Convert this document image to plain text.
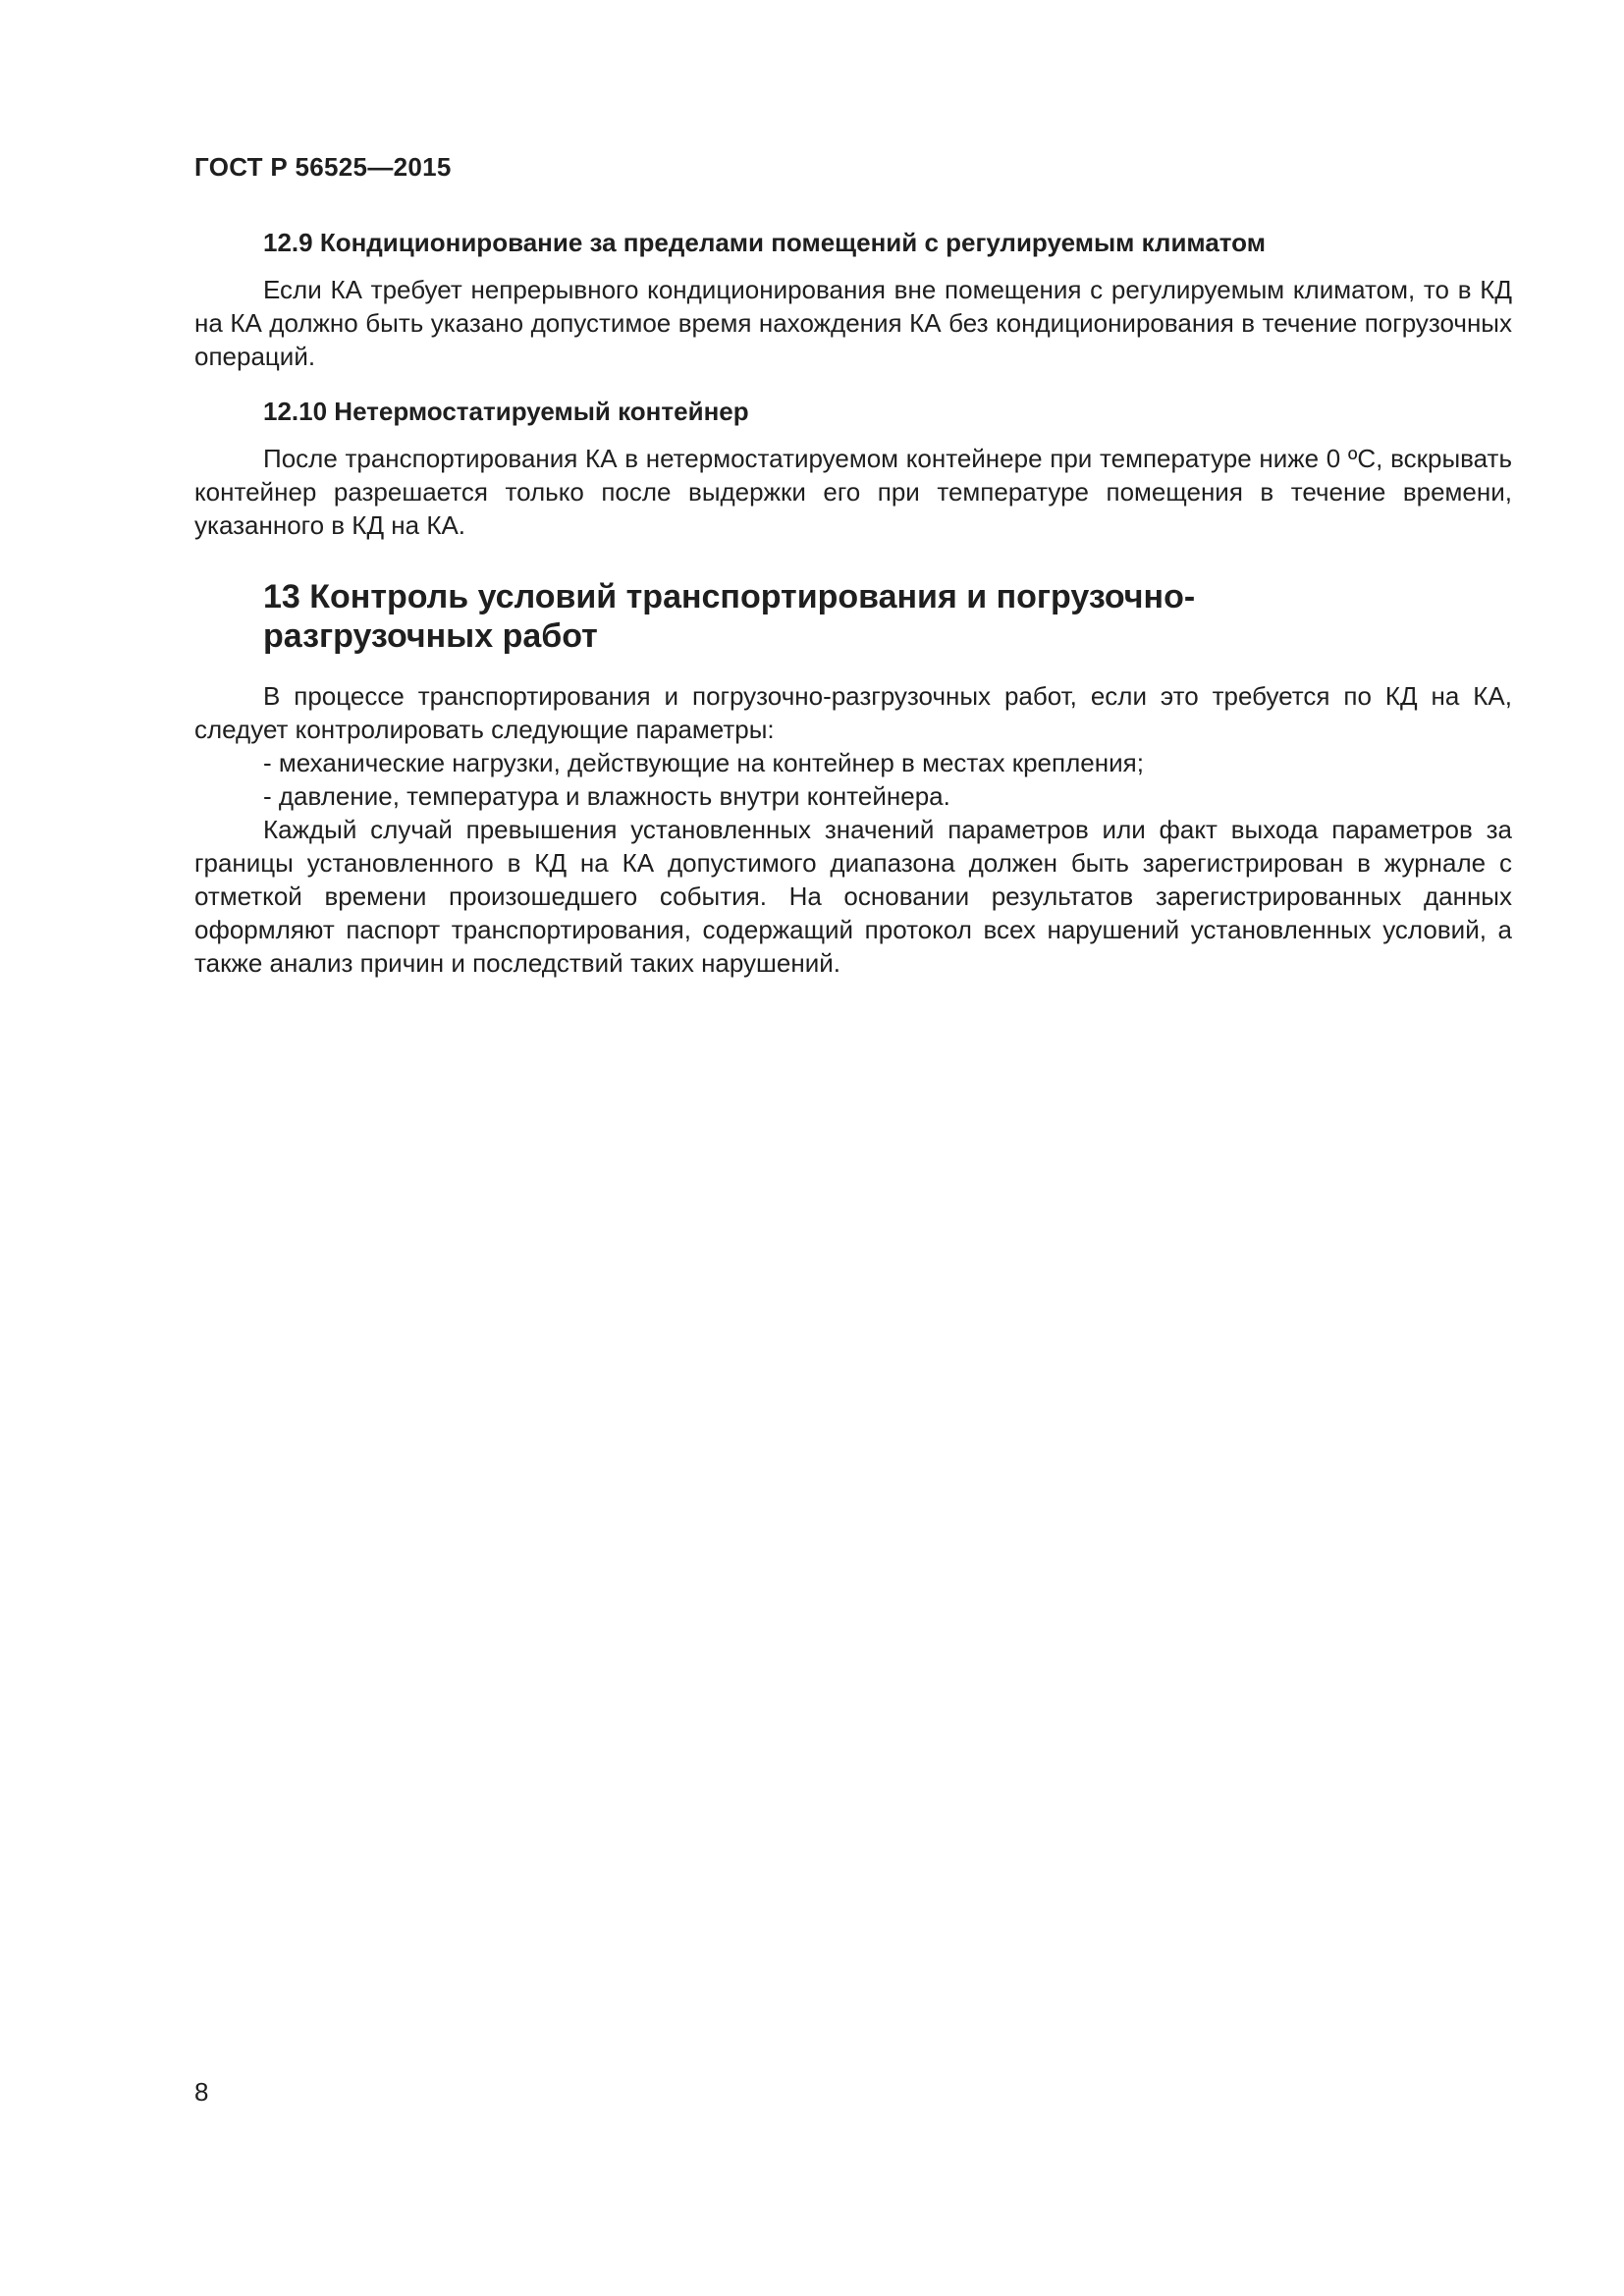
ГОСТ Р 56525—2015
12.9 Кондиционирование за пределами помещений с регулируемым климатом

Если КА требует непрерывного кондиционирования вне помещения с регулируемым климатом, то в КД на КА должно быть указано допустимое время нахождения КА без кондиционирования в течение погрузочных операций.

12.10 Нетермостатируемый контейнер

После транспортирования КА в нетермостатируемом контейнере при температуре ниже 0 ºС, вскрывать контейнер разрешается только после выдержки его при температуре помещения в течение времени, указанного в КД на КА.

13 Контроль условий транспортирования и погрузочно-разгрузочных работ

В процессе транспортирования и погрузочно-разгрузочных работ, если это требуется по КД на КА, следует контролировать следующие параметры:

- механические нагрузки, действующие на контейнер в местах крепления;

- давление, температура и влажность внутри контейнера.

Каждый случай превышения установленных значений параметров или факт выхода параметров за границы установленного в КД на КА допустимого диапазона должен быть зарегистрирован в журнале с отметкой времени произошедшего события. На основании результатов зарегистрированных данных оформляют паспорт транспортирования, содержащий протокол всех нарушений установленных условий, а также анализ причин и последствий таких нарушений.

8
